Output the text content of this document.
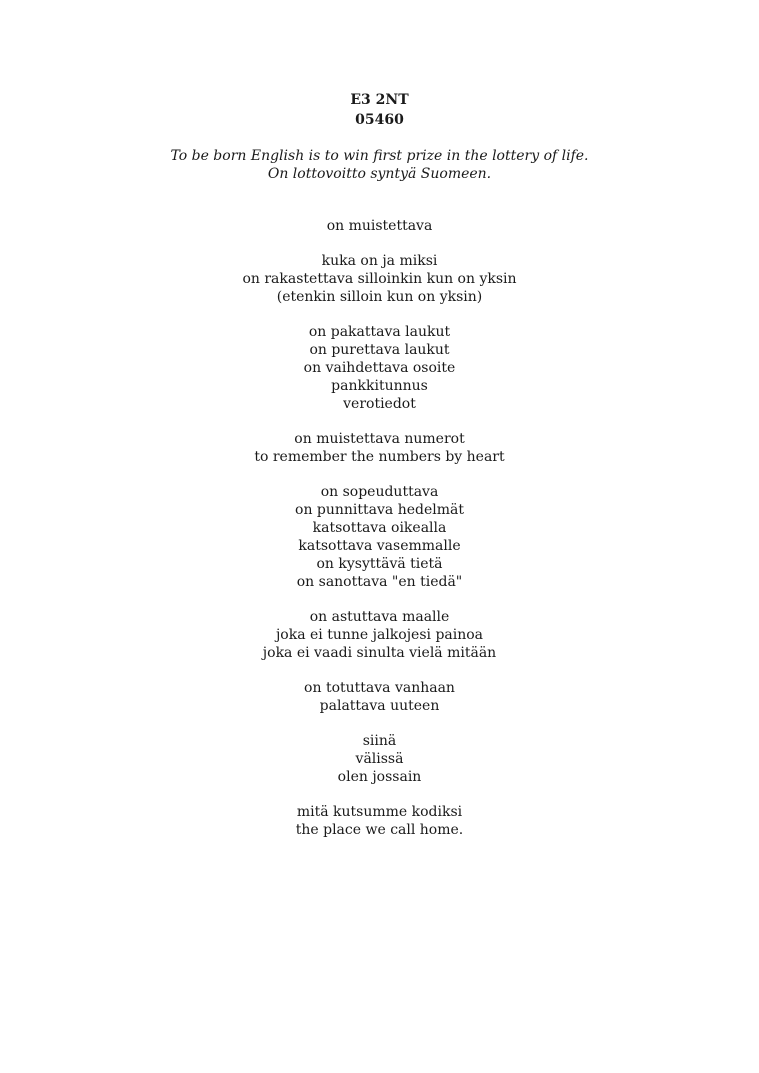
E3 2NT
05460
To be born English is to win first prize in the lottery of life.
On lottovoitto syntyä Suomeen.
on muistettava
kuka on ja miksi
on rakastettava silloinkin kun on yksin
(etenkin silloin kun on yksin)
on pakattava laukut
on purettava laukut
on vaihdettava osoite
pankkitunnus
verotiedot
on muistettava numerot
to remember the numbers by heart
on sopeuduttava
on punnittava hedelmät
katsottava oikealla
katsottava vasemmalle
on kysyttävä tietä
on sanottava "en tiedä"
on astuttava maalle
joka ei tunne jalkojesi painoa
joka ei vaadi sinulta vielä mitään
on totuttava vanhaan
palattava uuteen
siinä
välissä
olen jossain
mitä kutsumme kodiksi
the place we call home.
